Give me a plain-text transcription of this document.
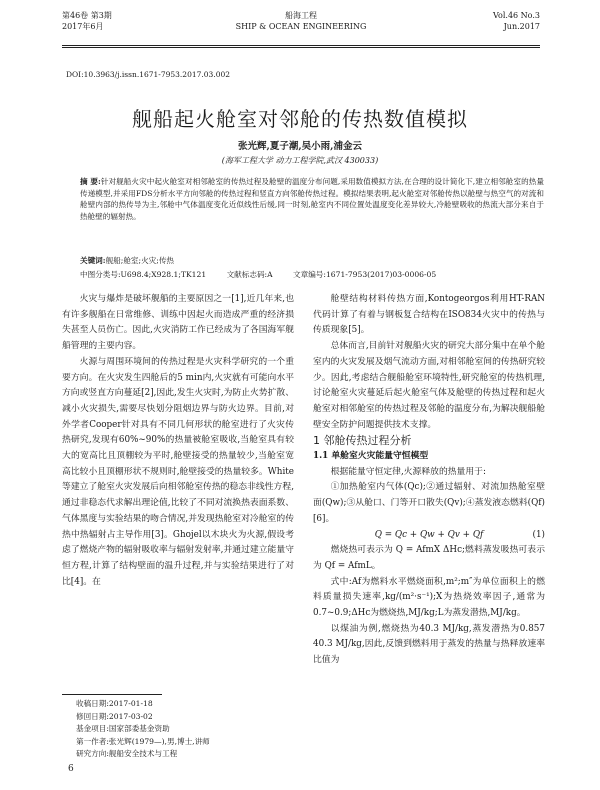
第46卷 第3期
2017年6月
船海工程
SHIP & OCEAN ENGINEERING
Vol.46 No.3
Jun.2017
DOI:10.3963/j.issn.1671-7953.2017.03.002
舰船起火舱室对邻舱的传热数值模拟
张光辉,夏子潮,吴小雨,浦金云
(海军工程大学 动力工程学院,武汉 430033)
摘 要:针对舰船火灾中起火舱室对相邻舱室的传热过程及舱壁的温度分布问题,采用数值模拟方法,在合理的设计简化下,建立相邻舱室的热量传递模型,并采用FDS分析水平方向邻舱的传热过程和竖直方向邻舱传热过程。模拟结果表明,起火舱室对邻舱传热以舱壁与热空气的对流和舱壁内部的热传导为主,邻舱中气体温度变化近似线性后缓,同一时刻,舱室内不同位置处温度变化差异较大,冷舱壁吸收的热流大部分来自于热舱壁的辐射热。
关键词:舰船;舱室;火灾;传热
中图分类号:U698.4;X928.1;TK121	文献标志码:A	文章编号:1671-7953(2017)03-0006-05

火灾与爆炸是破坏舰船的主要原因之一[1],近几年来,也有许多舰船在日常维修、训练中因起火而造成严重的经济损失甚至人员伤亡。因此,火灾消防工作已经成为了各国海军舰船管理的主要内容。

火源与周围环境间的传热过程是火灾科学研究的一个重要方向。在火灾发生四舱后的5 min内,火灾就有可能向水平方向或竖直方向蔓延[2],因此,发生火灾时,为防止火势扩散、减小火灾损失,需要尽快划分阻烟边界与防火边界。目前,对外学者Cooper针对具有不同几何形状的舱室进行了火灾传热研究,发现有60%~90%的热量被舱室吸收,当舱室具有较大的宽高比且顶棚较为平时,舱壁接受的热量较少,当舱室宽高比较小且顶棚形状不规则时,舱壁接受的热量较多。White等建立了舱室火灾发展后向相邻舱室传热的稳态非线性方程,通过非稳态代求解出理论值,比较了不同对流换热表面系数、气体黑度与实验结果的吻合情况,并发现热舱室对冷舱室的传热中热辐射占主导作用[3]。Ghojel以木块火为火源,假设考虑了燃烧产物的辐射吸收率与辐射发射率,并通过建立能量守恒方程,计算了结构壁面的温升过程,并与实验结果进行了对比[4]。在

舱壁结构材料传热方面,Kontogeorgos利用HT-RAN代码计算了有着与钢板复合结构在ISO834火灾中的传热与传质现象[5]。

总体而言,目前针对舰船火灾的研究大部分集中在单个舱室内的火灾发展及烟气流动方面,对相邻舱室间的传热研究较少。因此,考虑结合舰船舱室环境特性,研究舱室的传热机理,讨论舱室火灾蔓延后起火舱室气体及舱壁的传热过程和起火舱室对相邻舱室的传热过程及邻舱的温度分布,为解决舰船舱壁安全防护问题提供技术支撑。

1 邻舱传热过程分析

1.1 单舱室火灾能量守恒模型

根据能量守恒定律,火源释放的热量用于:

①加热舱室内气体(Qc);②通过辐射、对流加热舱室壁面(Qw);③从舱口、门等开口散失(Qv);④蒸发液态燃料(Qf)[6]。

Q = Qc + Qw + Qv + Qf	(1)

燃烧热可表示为 Q = AfmX ΔHc;燃料蒸发吸热可表示为 Qf = AfmL。

式中:Af为燃料水平燃烧面积,m²;m″为单位面积上的燃料质量损失速率,kg/(m²·s⁻¹);X为热烧效率因子,通常为0.7~0.9;ΔHc为燃烧热,MJ/kg;L为蒸发潜热,MJ/kg。

以煤油为例,燃烧热为40.3 MJ/kg,蒸发潜热为0.857 40.3 MJ/kg,因此,反馈到燃料用于蒸发的热量与热释放速率比值为

收稿日期:2017-01-18
修回日期:2017-03-02
基金项目:国家部委基金资助
第一作者:张光辉(1979—),男,博士,讲师
研究方向:舰船安全技术与工程
6
